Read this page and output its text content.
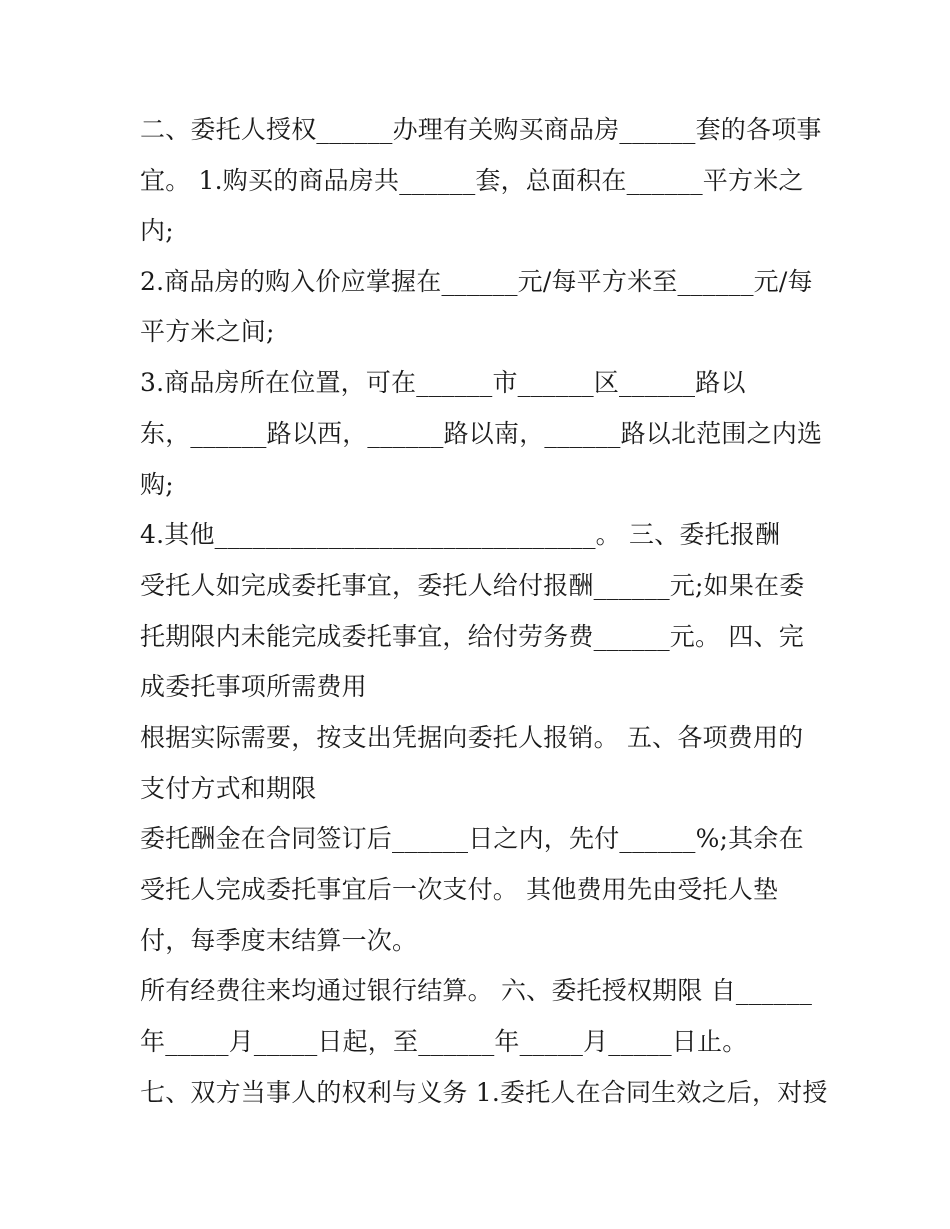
二、委托人授权______办理有关购买商品房______套的各项事

宜。 1.购买的商品房共______套，总面积在______平方米之

内;

2.商品房的购入价应掌握在______元/每平方米至______元/每

平方米之间;

3.商品房所在位置，可在______市______区______路以

东，______路以西，______路以南，______路以北范围之内选

购;

4.其他______________________________。 三、委托报酬

受托人如完成委托事宜，委托人给付报酬______元;如果在委

托期限内未能完成委托事宜，给付劳务费______元。 四、完

成委托事项所需费用

根据实际需要，按支出凭据向委托人报销。 五、各项费用的

支付方式和期限

委托酬金在合同签订后______日之内，先付______%;其余在

受托人完成委托事宜后一次支付。 其他费用先由受托人垫

付，每季度末结算一次。

所有经费往来均通过银行结算。 六、委托授权期限 自______

年_____月_____日起，至______年_____月_____日止。

七、双方当事人的权利与义务 1.委托人在合同生效之后，对授
